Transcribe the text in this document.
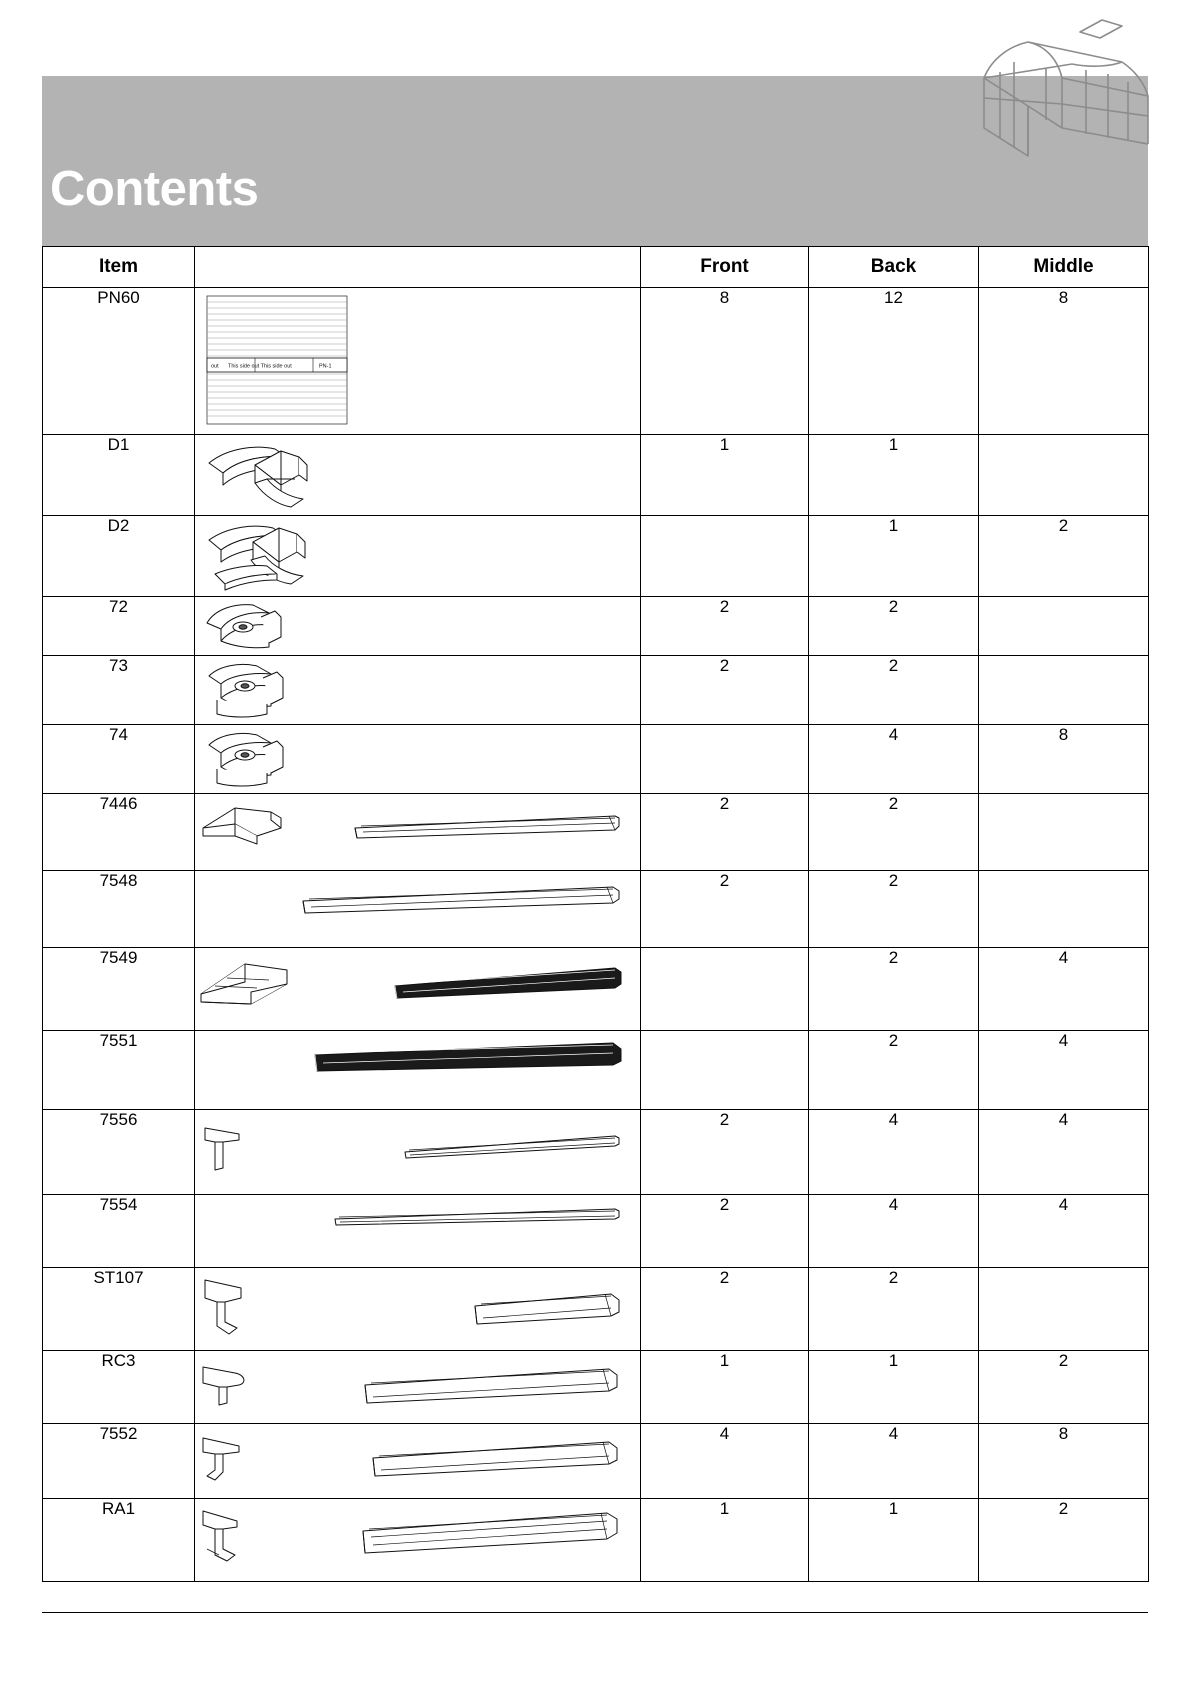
Contents
Item		Front	Back	Middle
PN60	out This side out This side out PN-1	8	12	8
D1		1	1	
D2			1	2
72		2	2	
73		2	2	
74			4	8
7446		2	2	
7548		2	2	
7549			2	4
7551			2	4
7556		2	4	4
7554		2	4	4
ST107		2	2	
RC3		1	1	2
7552		4	4	8
RA1		1	1	2
